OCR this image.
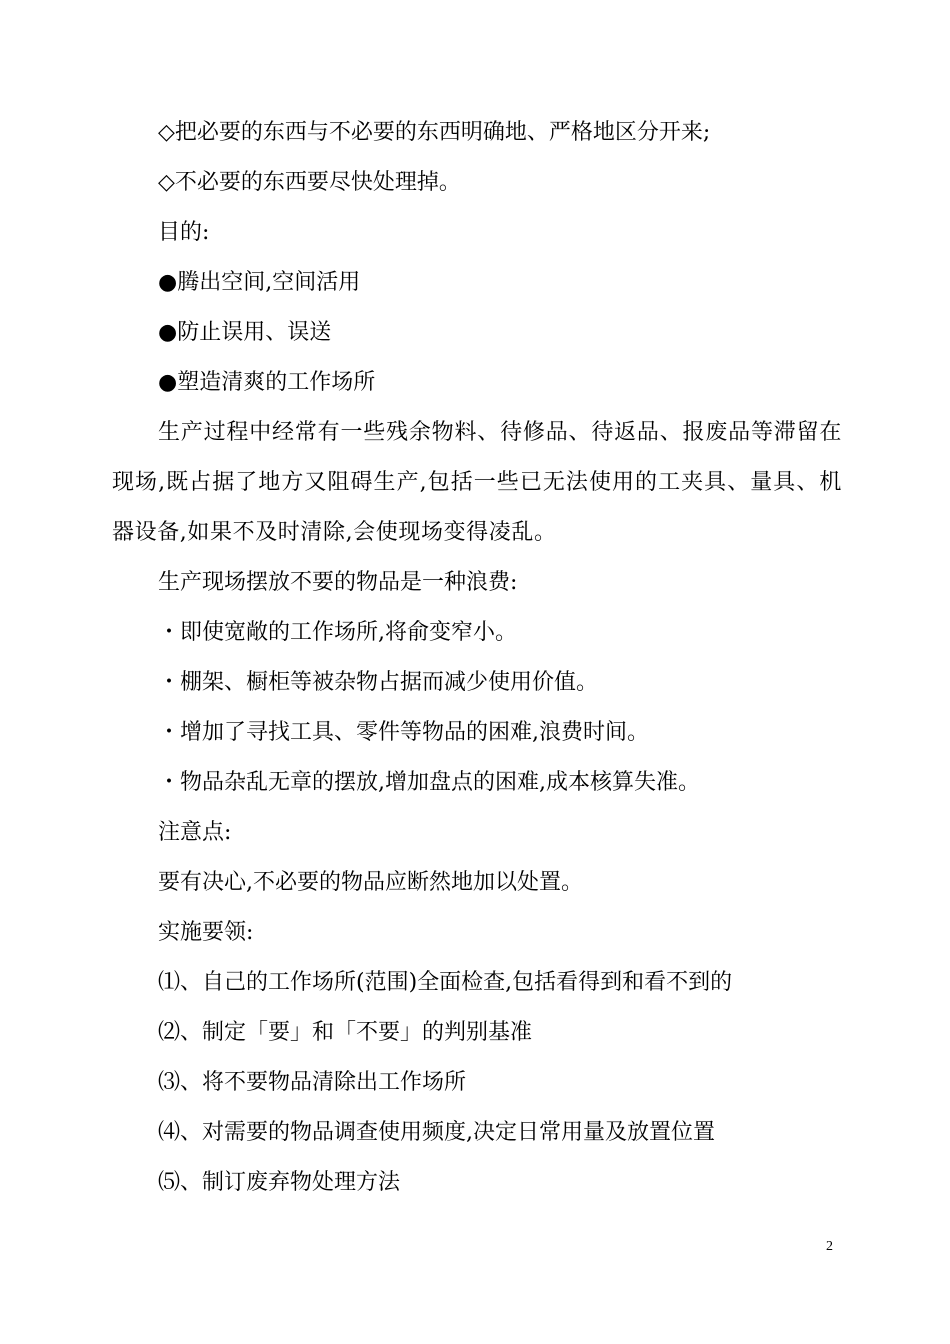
◇把必要的东西与不必要的东西明确地、严格地区分开来;

◇不必要的东西要尽快处理掉。

目的:

●腾出空间,空间活用

●防止误用、误送

●塑造清爽的工作场所

生产过程中经常有一些残余物料、待修品、待返品、报废品等滞留在现场,既占据了地方又阻碍生产,包括一些已无法使用的工夹具、量具、机器设备,如果不及时清除,会使现场变得凌乱。

生产现场摆放不要的物品是一种浪费:

・即使宽敞的工作场所,将俞变窄小。

・棚架、橱柜等被杂物占据而减少使用价值。

・增加了寻找工具、零件等物品的困难,浪费时间。

・物品杂乱无章的摆放,增加盘点的困难,成本核算失准。

注意点:

要有决心,不必要的物品应断然地加以处置。

实施要领:

⑴、自己的工作场所(范围)全面检查,包括看得到和看不到的

⑵、制定「要」和「不要」的判别基准

⑶、将不要物品清除出工作场所

⑷、对需要的物品调查使用频度,决定日常用量及放置位置

⑸、制订废弃物处理方法

2
